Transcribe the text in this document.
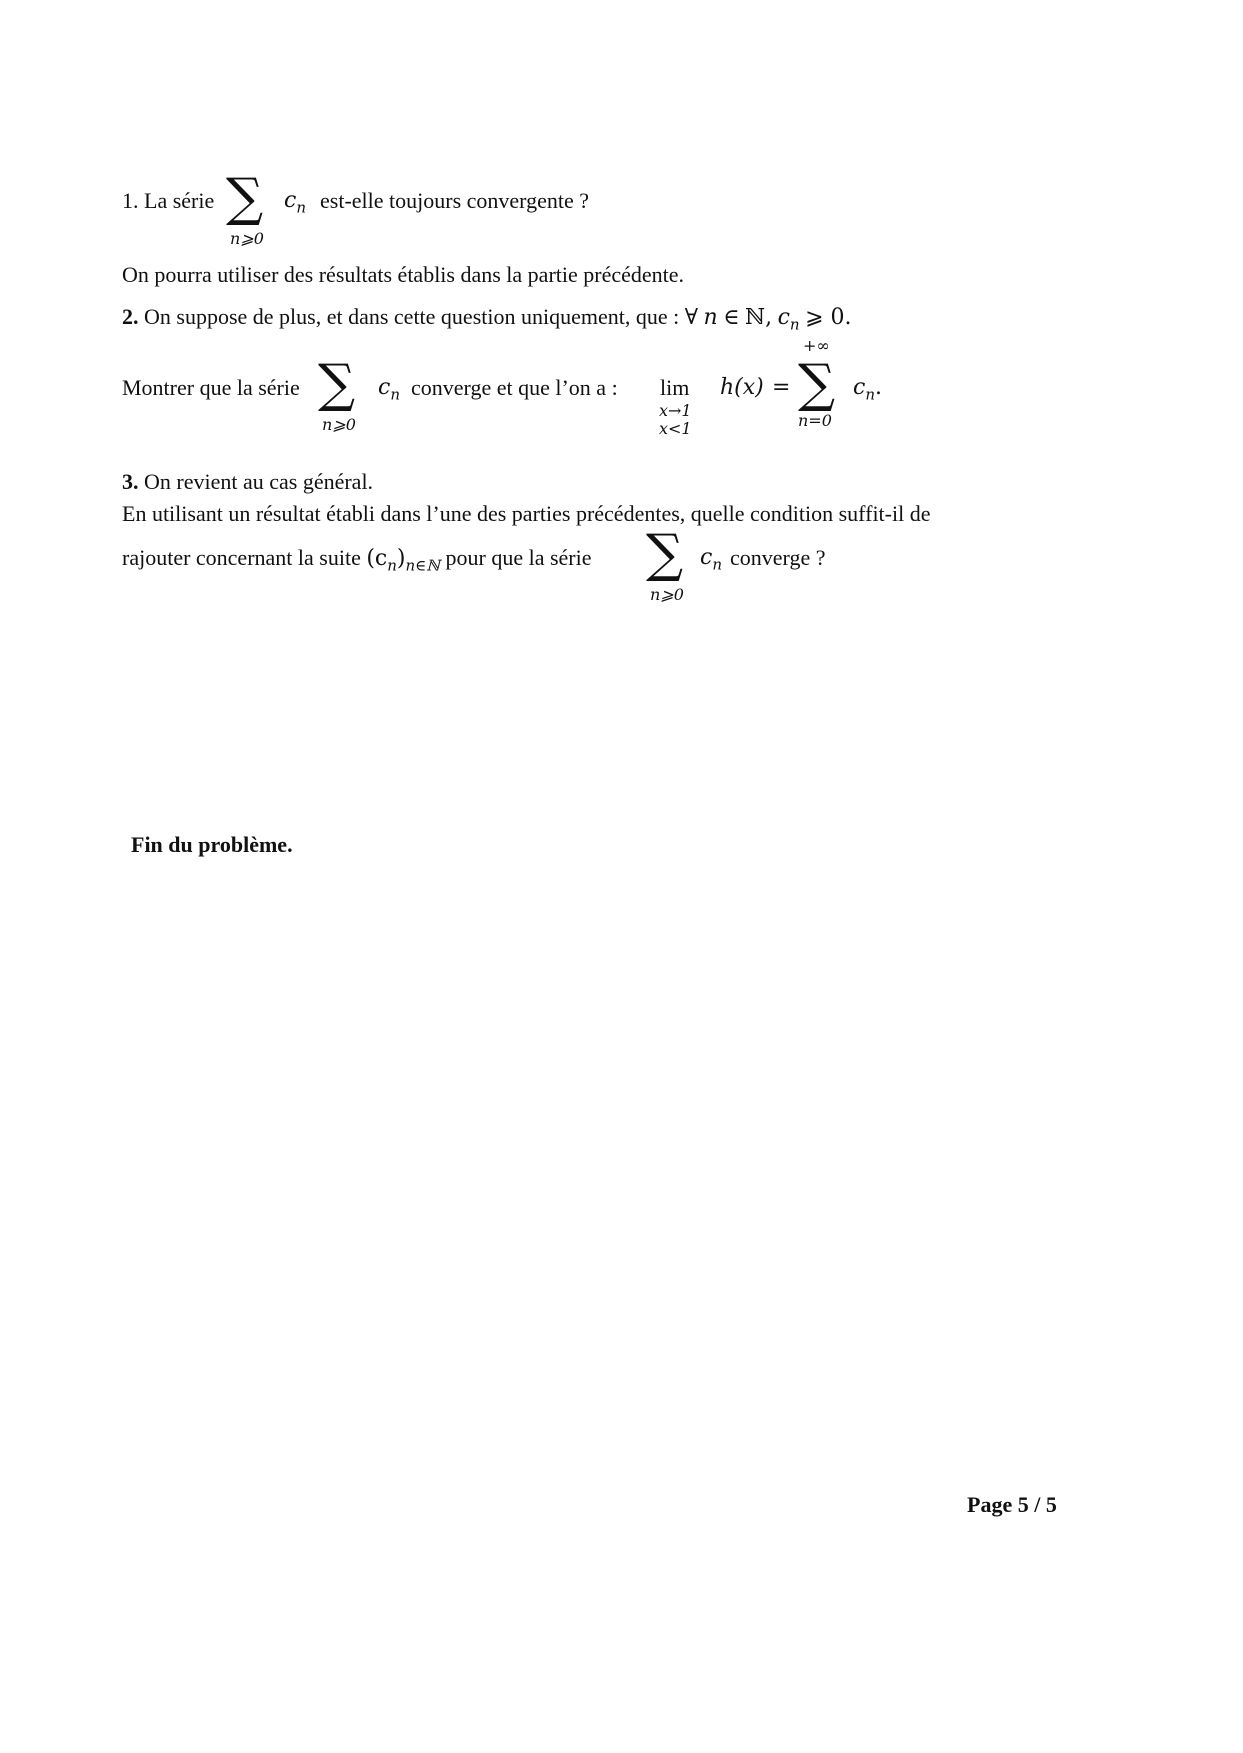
1. La série ∑
n⩾0
$c_n$ est-elle toujours convergente ?
On pourra utiliser des résultats établis dans la partie précédente.
2. On suppose de plus, et dans cette question uniquement, que : ∀ n ∈ ℕ, $c_n$ ⩾ 0.
Montrer que la série ∑
n⩾0
$c_n$ converge et que l’on a : lim
x→1
x<1
h(x) =
+∞
∑
n=0
$c_n$.
3. On revient au cas général.
En utilisant un résultat établi dans l’une des parties précédentes, quelle condition suffit-il de
rajouter concernant la suite $(c_n)_{n\in ℕ}$ pour que la série ∑
n⩾0
$c_n$ converge ?
Fin du problème.
Page 5 / 5
